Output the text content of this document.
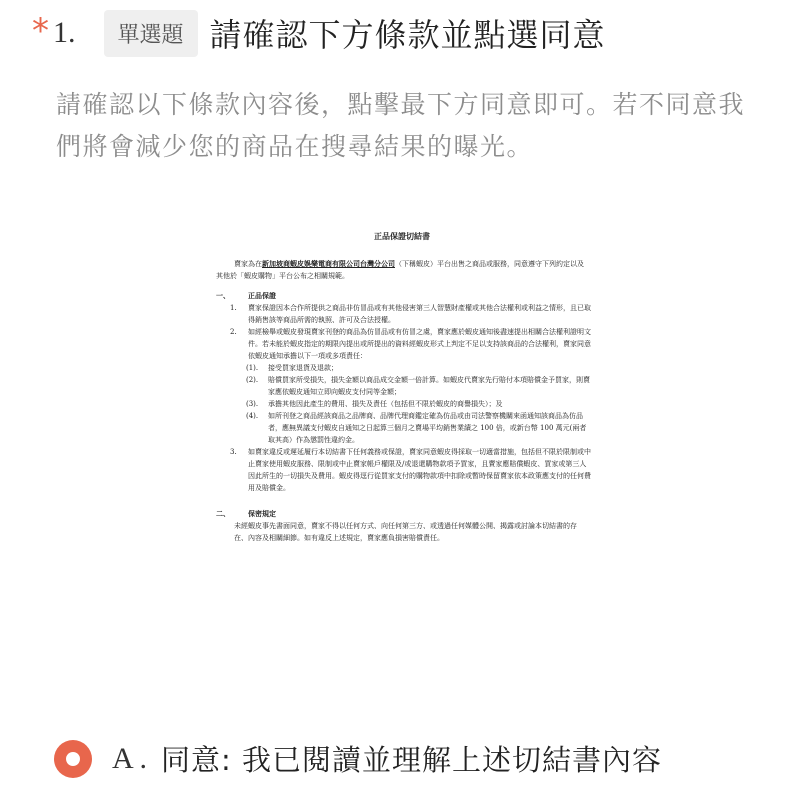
* 1.	單選題 請確認下方條款並點選同意
請確認以下條款內容後，點擊最下方同意即可。若不同意我們將會減少您的商品在搜尋結果的曝光。
正品保證切結書
賣家為在新加坡商蝦皮娛樂電商有限公司台灣分公司（下稱蝦皮）平台出售之商品或服務，同意遵守下列約定以及其他於「蝦皮購物」平台公布之相關規範。
一、	正品保證
1.	賣家保證因本合作所提供之商品非仿冒品或有其他侵害第三人智慧財產權或其他合法權利或利益之情形，且已取得銷售該等商品所需的執照、許可及合法授權。
2.	如經檢舉或蝦皮發現賣家刊登的商品為仿冒品或有仿冒之虞，賣家應於蝦皮通知後盡速提出相關合法權利證明文件。若未能於蝦皮指定的期限內提出或所提出的資料經蝦皮形式上判定不足以支持該商品的合法權利，賣家同意依蝦皮通知承擔以下一項或多項責任：
(1).	接受買家退貨及退款；
(2).	賠償買家所受損失，損失金額以商品成交金額一倍計算。如蝦皮代賣家先行賠付本項賠償金予買家，則賣家應依蝦皮通知立即向蝦皮支付同等金額；
(3).	承擔其他因此產生的費用、損失及責任（包括但不限於蝦皮的商譽損失）；及
(4).	如所刊登之商品經該商品之品牌商、品牌代理商鑑定確為仿品或由司法警察機關來函通知該商品為仿品者，應無異議支付蝦皮自通知之日起算三個月之賣場平均銷售業績之 100 倍，或新台幣 100 萬元(兩者取其高）作為懲罰性違約金。
3.	如賣家違反或遲延履行本切結書下任何義務或保證，賣家同意蝦皮得採取一切適當措施，包括但不限於限制或中止賣家使用蝦皮服務、限制或中止賣家帳戶權限及/或退還購物款項予買家，且賣家應賠償蝦皮、買家或第三人因此所生的一切損失及費用。蝦皮得逕行從買家支付的購物款項中扣除或暫時保留賣家依本政策應支付的任何費用及賠償金。
二、	保密規定
未經蝦皮事先書面同意，賣家不得以任何方式、向任何第三方、或透過任何媒體公開、揭露或討論本切結書的存在、內容及相關細節。如有違反上述規定，賣家應負損害賠償責任。
A . 同意: 我已閱讀並理解上述切結書內容
